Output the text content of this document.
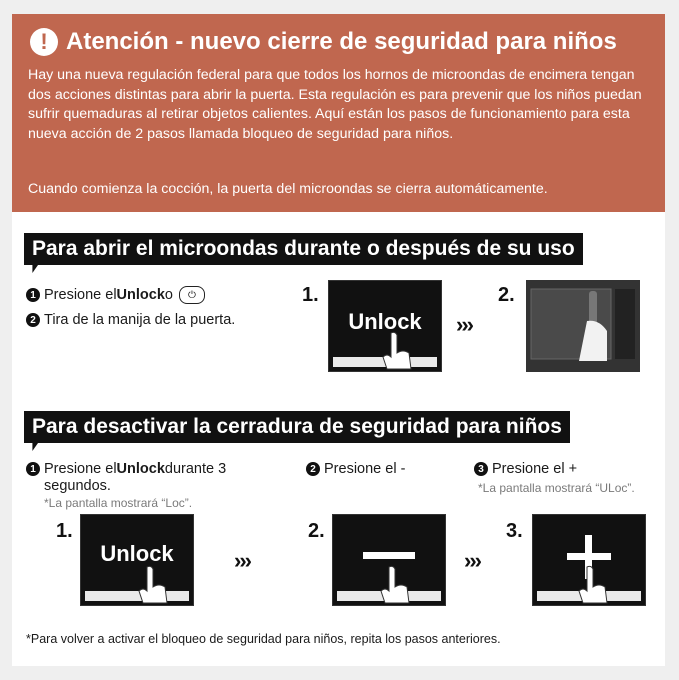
! Atención - nuevo cierre de seguridad para niños
Hay una nueva regulación federal para que todos los hornos de microondas de encimera tengan dos acciones distintas para abrir la puerta. Esta regulación es para prevenir que los niños puedan sufrir quemaduras al retirar objetos calientes. Aquí están los pasos de funcionamiento para esta nueva acción de 2 pasos llamada bloqueo de seguridad para niños.
Cuando comienza la cocción, la puerta del microondas se cierra automáticamente.
Para abrir el microondas durante o después de su uso
1 Presione el Unlock o	⏻
2 Tira de la manija de la puerta.
1.
Unlock	›››
2.
Para desactivar la cerradura de seguridad para niños
1 Presione el Unlock durante 3
segundos.
*La pantalla mostrará “Loc”.
2 Presione el -	3 Presione el +
*La pantalla mostrará “ULoc”.
1.
Unlock	›››
2.
›››
3.
*Para volver a activar el bloqueo de seguridad para niños, repita los pasos anteriores.
